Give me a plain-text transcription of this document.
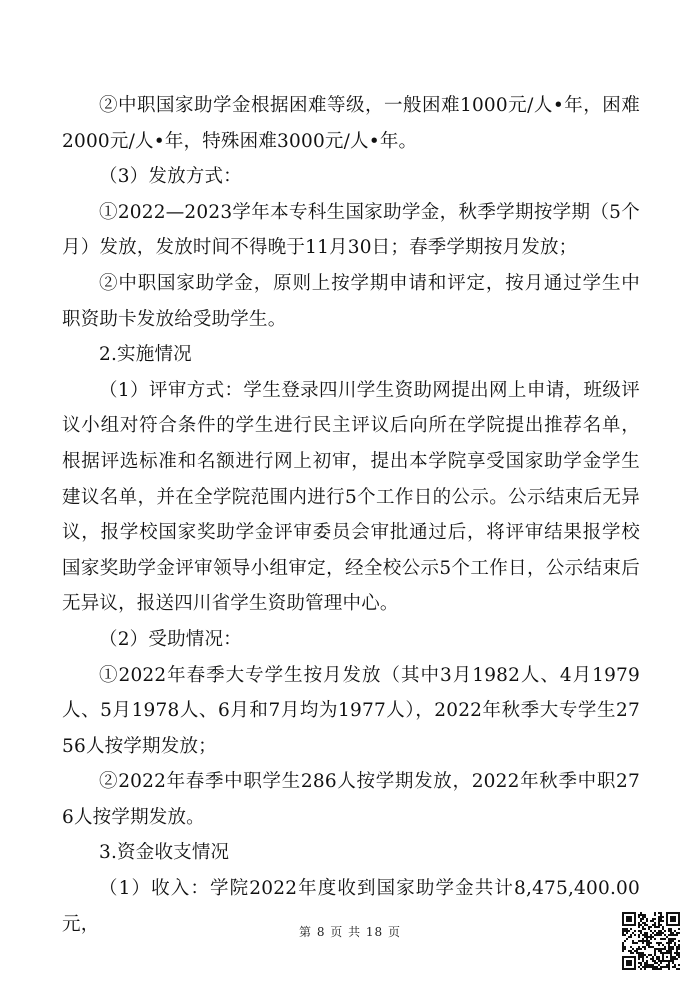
②中职国家助学金根据困难等级，一般困难1000元/人•年，困难2000元/人•年，特殊困难3000元/人•年。

（3）发放方式：

①2022—2023学年本专科生国家助学金，秋季学期按学期（5个月）发放，发放时间不得晚于11月30日；春季学期按月发放；

②中职国家助学金，原则上按学期申请和评定，按月通过学生中职资助卡发放给受助学生。

2.实施情况

（1）评审方式：学生登录四川学生资助网提出网上申请，班级评议小组对符合条件的学生进行民主评议后向所在学院提出推荐名单，根据评选标准和名额进行网上初审，提出本学院享受国家助学金学生建议名单，并在全学院范围内进行5个工作日的公示。公示结束后无异议，报学校国家奖助学金评审委员会审批通过后，将评审结果报学校国家奖助学金评审领导小组审定，经全校公示5个工作日，公示结束后无异议，报送四川省学生资助管理中心。

（2）受助情况：

①2022年春季大专学生按月发放（其中3月1982人、4月1979人、5月1978人、6月和7月均为1977人），2022年秋季大专学生2756人按学期发放；

②2022年春季中职学生286人按学期发放，2022年秋季中职276人按学期发放。

3.资金收支情况

（1）收入：学院2022年度收到国家助学金共计8,475,400.00元，	第 8 页 共 18 页
